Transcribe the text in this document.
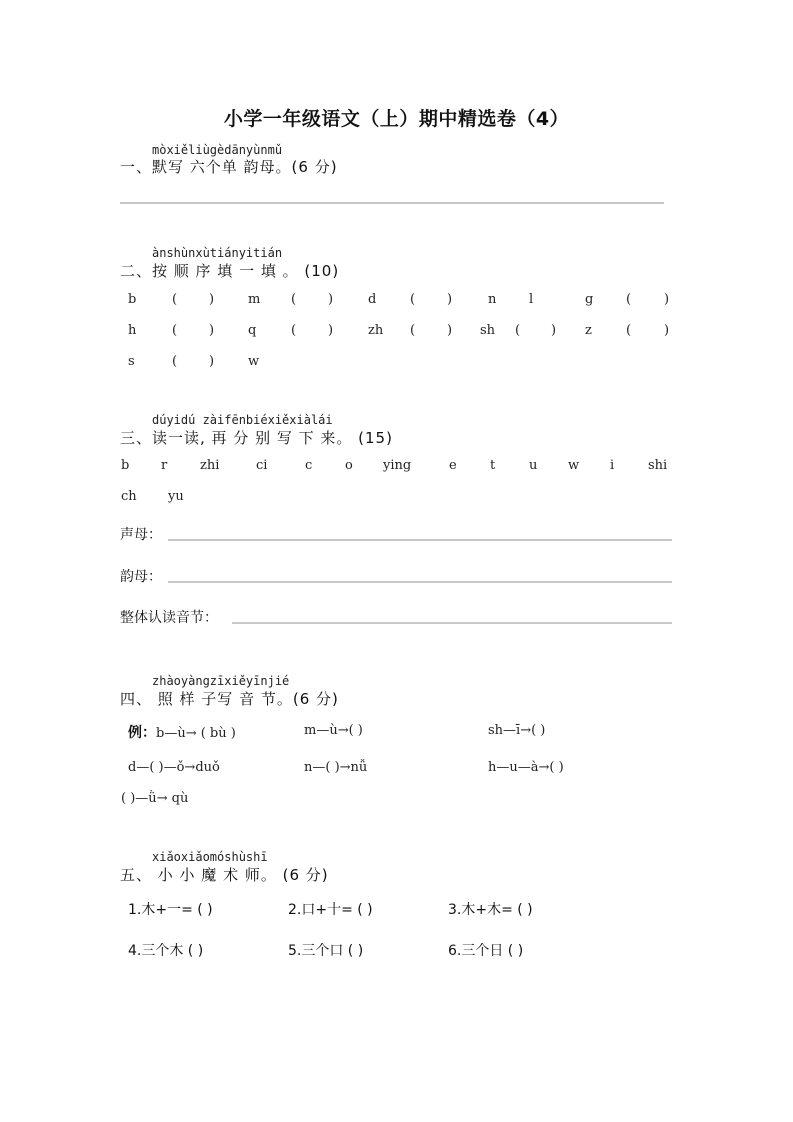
小学一年级语文（上）期中精选卷（4）
mòxiěliùgèdānyùnmǔ
一、默写 六个单 韵母。(6 分)
ànshùnxùtiányitián
二、按 顺 序 填 一 填 。 (10)
b	( )	m ( )	d	( )	n	l	g	(	)
h	( )	q	( )	zh ( ) sh ( ) z	(	)
s	( )	w
dúyidú zàifēnbiéxiěxiàlái
三、读一读, 再 分 别 写 下 来。 (15)
b r	zhi	ci	c	o ying	e	t	u w i	shi
ch yu
声母：
韵母：
整体认读音节：
zhàoyàngzīxiěyīnjié
四、 照 样 子写 音 节。(6 分)
例：b—ù→ ( bù )	m—ù→( )	sh—ī→( )
d—( )—ǒ→duǒ	n—( )→nǚ	h—u—à→( )
( )—ǜ→ qù
xiǎoxiǎomóshùshī
五、 小 小 魔 术 师。 (6 分)
1.木+一= ( )	2.口+十= ( )	3.木+木= ( )
4.三个木 ( )	5.三个口 ( )	6.三个日 ( )
